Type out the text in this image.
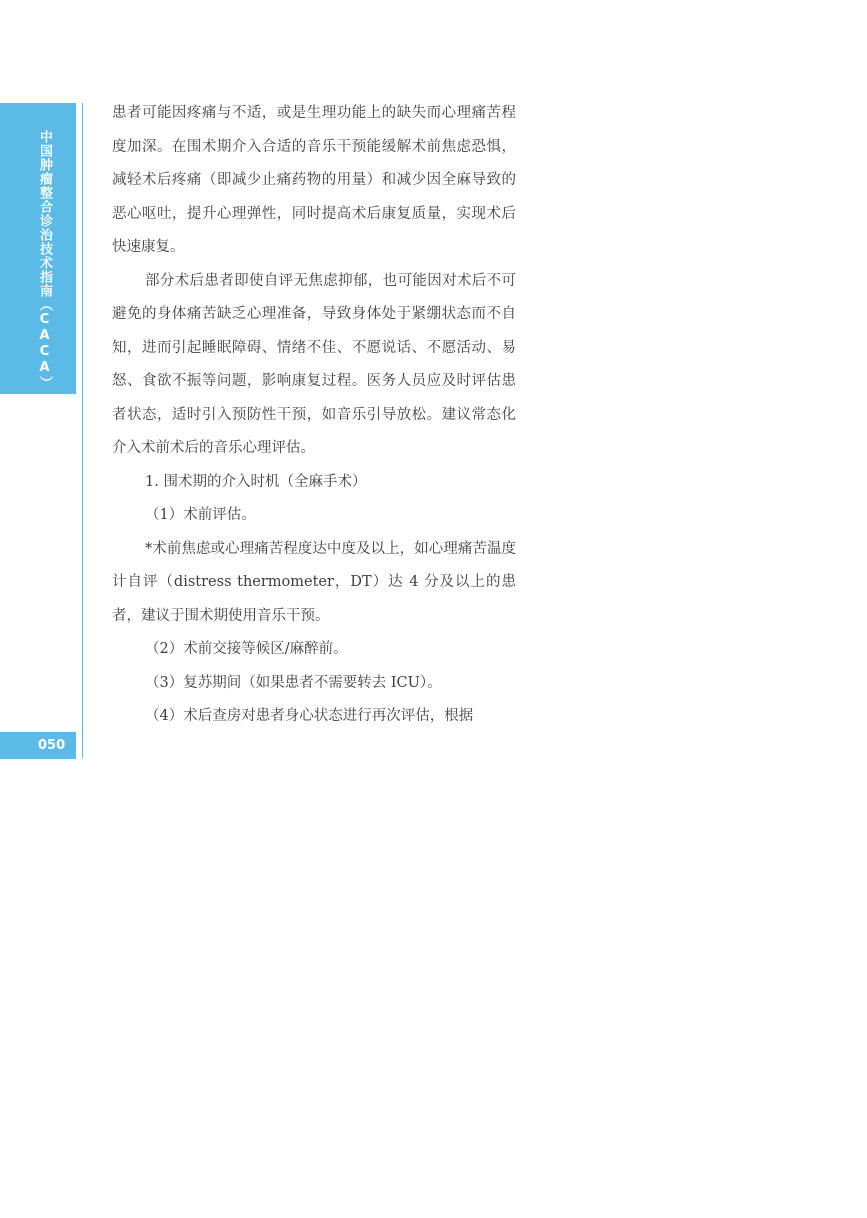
中国肿瘤整合诊治技术指南（CACA）
050

患者可能因疼痛与不适，或是生理功能上的缺失而心理痛苦程度加深。在围术期介入合适的音乐干预能缓解术前焦虑恐惧，减轻术后疼痛（即减少止痛药物的用量）和减少因全麻导致的恶心呕吐，提升心理弹性，同时提高术后康复质量，实现术后快速康复。

部分术后患者即使自评无焦虑抑郁，也可能因对术后不可避免的身体痛苦缺乏心理准备，导致身体处于紧绷状态而不自知，进而引起睡眠障碍、情绪不佳、不愿说话、不愿活动、易怒、食欲不振等问题，影响康复过程。医务人员应及时评估患者状态，适时引入预防性干预，如音乐引导放松。建议常态化介入术前术后的音乐心理评估。

1. 围术期的介入时机（全麻手术）

（1）术前评估。

*术前焦虑或心理痛苦程度达中度及以上，如心理痛苦温度计自评（distress thermometer，DT）达 4 分及以上的患者，建议于围术期使用音乐干预。

（2）术前交接等候区/麻醉前。

（3）复苏期间（如果患者不需要转去 ICU）。

（4）术后查房对患者身心状态进行再次评估，根据
